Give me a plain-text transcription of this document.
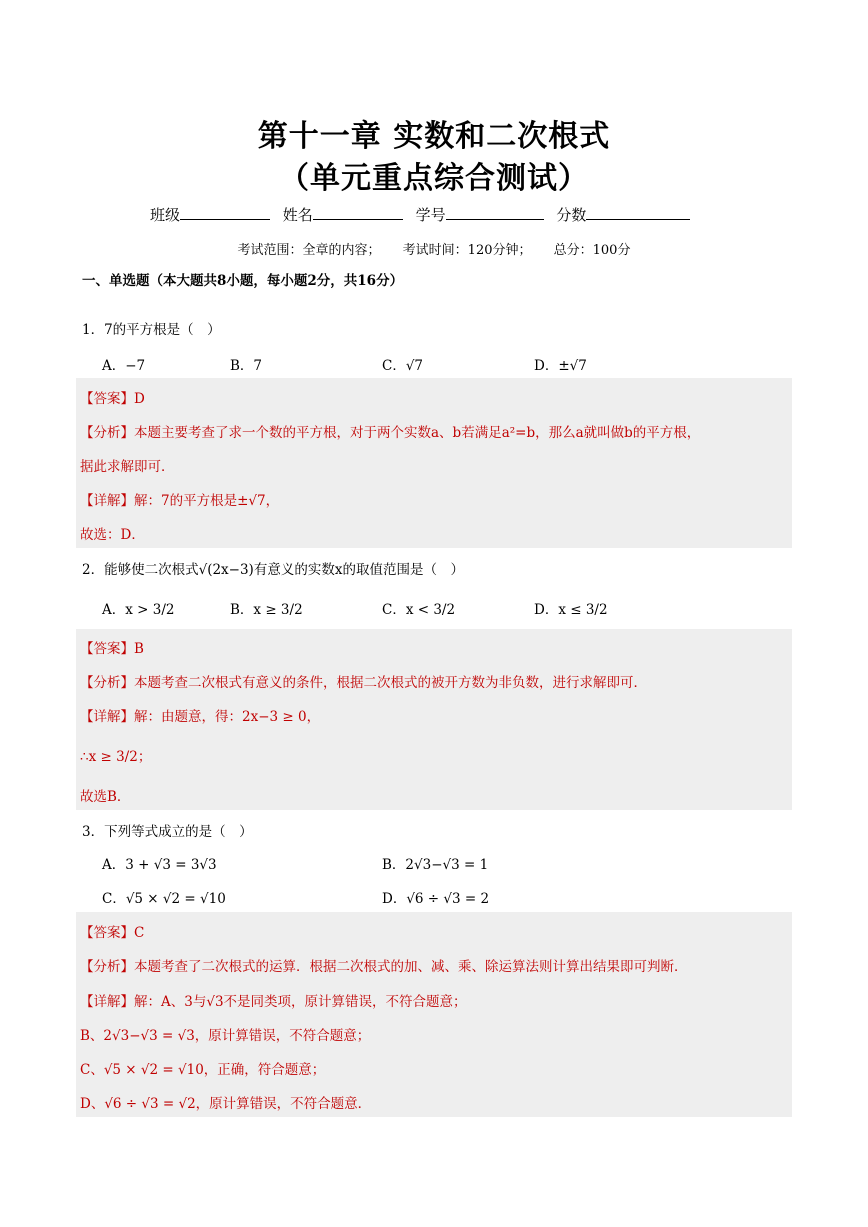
第十一章 实数和二次根式
（单元重点综合测试）
班级	姓名	学号	分数
考试范围：全章的内容； 考试时间：120分钟； 总分：100分
一、单选题（本大题共8小题，每小题2分，共16分）
1．7的平方根是（　）
A．−7	B．7	C．√7	D．±√7
【答案】D
【分析】本题主要考查了求一个数的平方根，对于两个实数a、b若满足a²=b，那么a就叫做b的平方根，
据此求解即可．
【详解】解：7的平方根是±√7，
故选：D．
2．能够使二次根式√(2x−3)有意义的实数x的取值范围是（　）
A．x > 3/2	B．x ≥ 3/2	C．x < 3/2	D．x ≤ 3/2
【答案】B
【分析】本题考查二次根式有意义的条件，根据二次根式的被开方数为非负数，进行求解即可．
【详解】解：由题意，得：2x−3 ≥ 0，
∴x ≥ 3/2；
故选B．
3．下列等式成立的是（　）
A．3 + √3 = 3√3	B．2√3−√3 = 1
C．√5 × √2 = √10	D．√6 ÷ √3 = 2
【答案】C
【分析】本题考查了二次根式的运算．根据二次根式的加、减、乘、除运算法则计算出结果即可判断．
【详解】解：A、3与√3不是同类项，原计算错误，不符合题意；
B、2√3−√3 = √3，原计算错误，不符合题意；
C、√5 × √2 = √10，正确，符合题意；
D、√6 ÷ √3 = √2，原计算错误，不符合题意．
